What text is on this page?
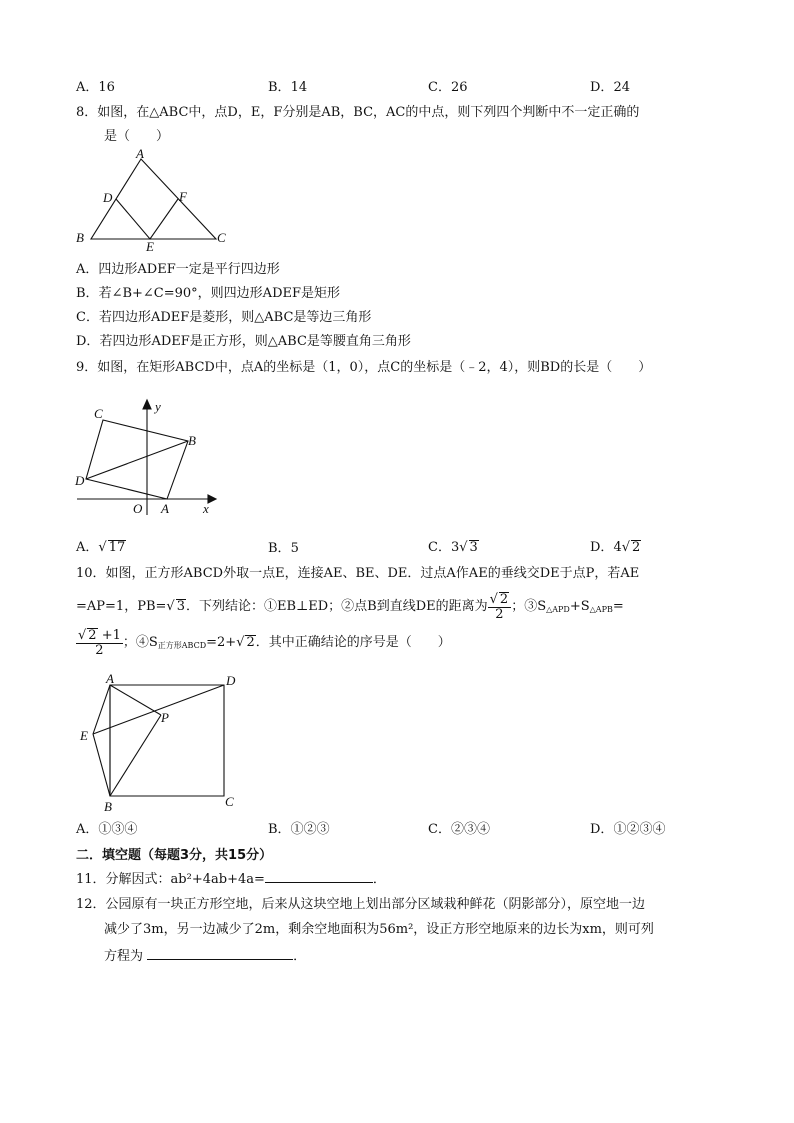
A．16	B．14	C．26	D．24
8．如图，在△ABC中，点D，E，F分别是AB，BC，AC的中点，则下列四个判断中不一定正确的
是（　　）
A
B	C
D
E
F
A．四边形ADEF一定是平行四边形
B．若∠B+∠C=90°，则四边形ADEF是矩形
C．若四边形ADEF是菱形，则△ABC是等边三角形
D．若四边形ADEF是正方形，则△ABC是等腰直角三角形
9．如图，在矩形ABCD中，点A的坐标是（1，0），点C的坐标是（﹣2，4），则BD的长是（　　）
C
B
D
O A	x
y
A．√ 17	B．5	C．3√ 3	D．4√ 2
10．如图，正方形ABCD外取一点E，连接AE、BE、DE．过点A作AE的垂线交DE于点P，若AE
=AP=1，PB=√ 3．下列结论：①EB⊥ED；②点B到直线DE的距离为 $\frac{√ 2}{2}$ ；$③S_{\triangle APD}+S_{\triangle APB}=$
$\frac{√ 2 +1}{2}$ ；$④S_{正方形ABCD}=2+√$ 2．其中正确结论的序号是（　　）
A	D
P
E
B	C
A．①③④	B．①②③	C．②③④	D．①②③④
二．填空题（每题3分，共15分）
11．分解因式：ab²+4ab+4a=	．
12．公园原有一块正方形空地，后来从这块空地上划出部分区域栽种鲜花（阴影部分），原空地一边
减少了3m，另一边减少了2m，剩余空地面积为56m²，设正方形空地原来的边长为xm，则可列
方程为	．
